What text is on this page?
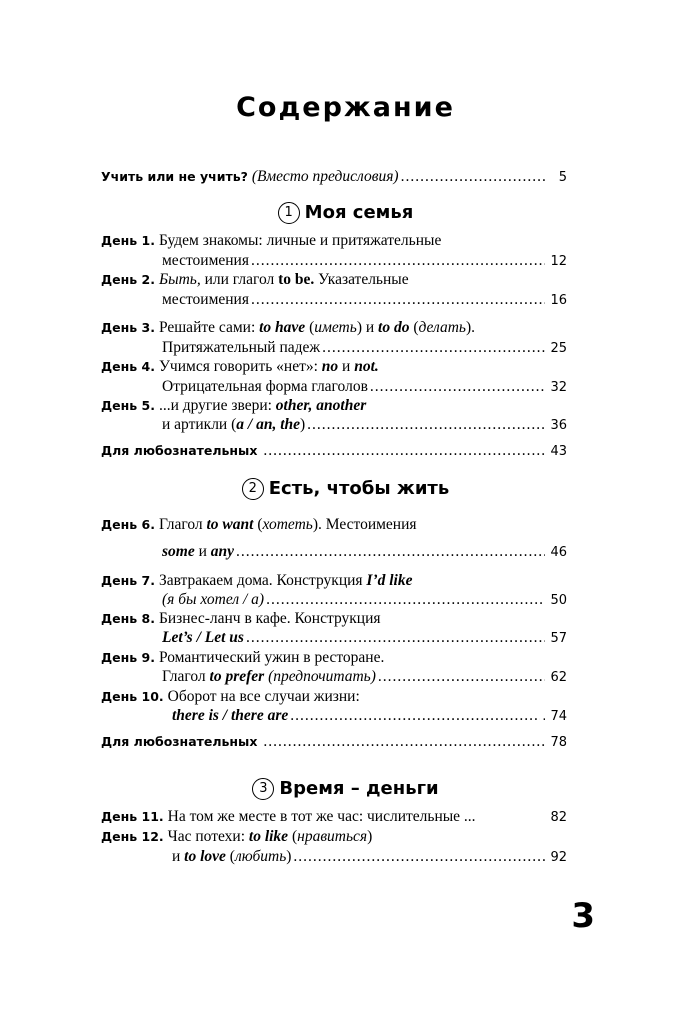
Содержание
Учить или не учить? (Вместо предисловия) .....	5
1 Моя семья
День 1. Будем знакомы: личные и притяжательные
местоимения .....	12
День 2. Быть, или глагол to be. Указательные
местоимения .....	16
День 3. Решайте сами: to have (иметь) и to do (делать).
Притяжательный падеж .....	25
День 4. Учимся говорить «нет»: no и not.
Отрицательная форма глаголов .....	32
День 5. ...и другие звери: other, another
и артикли (a / an, the) .....	36
Для любознательных .....	43
2 Есть, чтобы жить
День 6. Глагол to want (хотеть). Местоимения
some и any .....	46
День 7. Завтракаем дома. Конструкция I’d like
(я бы хотел / а) .....	50
День 8. Бизнес-ланч в кафе. Конструкция
Let’s / Let us .....	57
День 9. Романтический ужин в ресторане.
Глагол to prefer (предпочитать) .....	62
День 10. Оборот на все случаи жизни:
there is / there are .....	. 74
Для любознательных .....	78
3 Время – деньги
День 11. На том же месте в тот же час: числительные ...	82
День 12. Час потехи: to like (нравиться)
и to love (любить) .....	92
3
